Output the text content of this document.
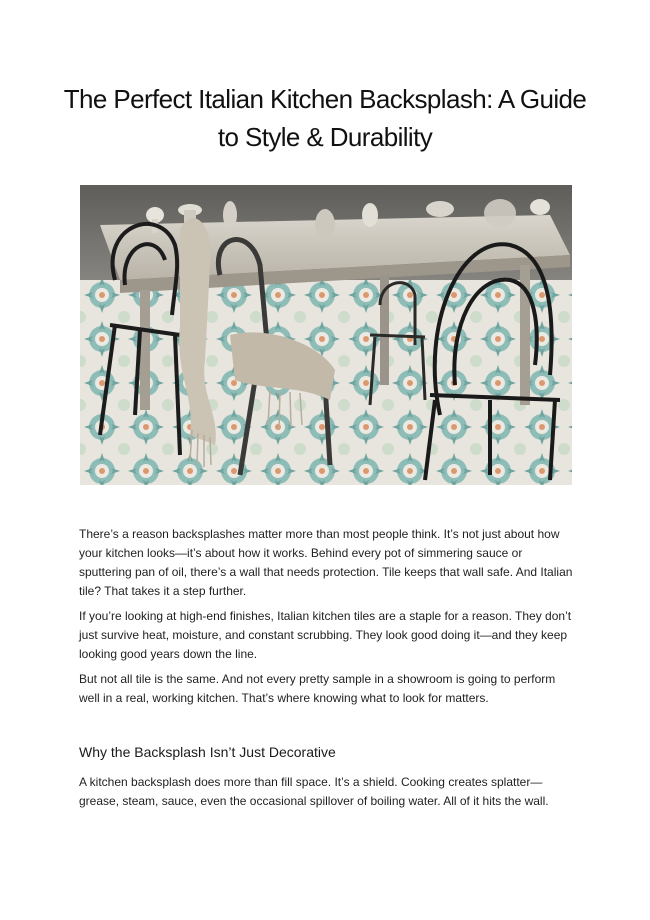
The Perfect Italian Kitchen Backsplash: A Guide to Style & Durability

There’s a reason backsplashes matter more than most people think. It’s not just about how your kitchen looks—it’s about how it works. Behind every pot of simmering sauce or sputtering pan of oil, there’s a wall that needs protection. Tile keeps that wall safe. And Italian tile? That takes it a step further.

If you’re looking at high-end finishes, Italian kitchen tiles are a staple for a reason. They don’t just survive heat, moisture, and constant scrubbing. They look good doing it—and they keep looking good years down the line.

But not all tile is the same. And not every pretty sample in a showroom is going to perform well in a real, working kitchen. That’s where knowing what to look for matters.

Why the Backsplash Isn’t Just Decorative

A kitchen backsplash does more than fill space. It’s a shield. Cooking creates splatter—grease, steam, sauce, even the occasional spillover of boiling water. All of it hits the wall.
